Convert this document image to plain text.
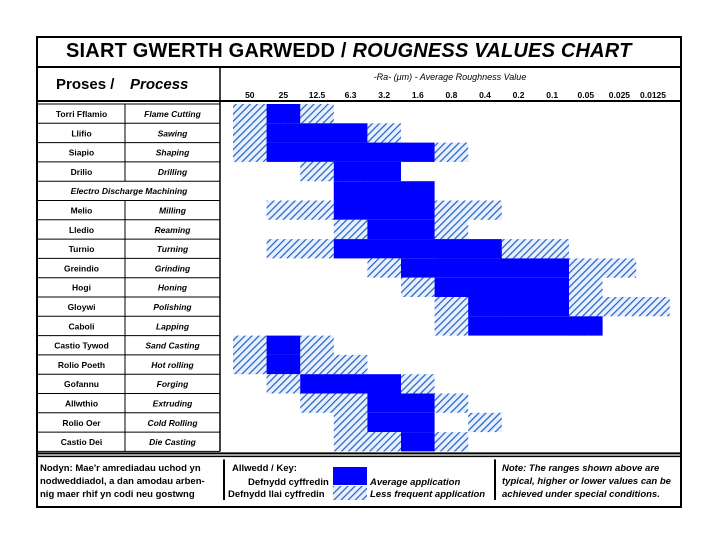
SIART GWERTH GARWEDD / ROUGNESS VALUES CHART
Proses / Process	-Ra- (μm) - Average Roughness Value
50	25 12.5 6.3	3.2	1.6	0.8	0.4	0.2	0.1 0.05 0.025 0.0125
Torri Fflamio	Flame Cutting
Llifio	Sawing
Siapio	Shaping
Drilio	Drilling
Electro Discharge Machining
Melio	Milling
Lledio	Reaming
Turnio	Turning
Greindio	Grinding
Hogi	Honing
Gloywi	Polishing
Caboli	Lapping
Castio Tywod	Sand Casting
Rolio Poeth	Hot rolling
Gofannu	Forging
Allwthio	Extruding
Rolio Oer	Cold Rolling
Castio Dei	Die Casting
Nodyn: Mae'r amrediadau uchod yn
nodweddiadol, a dan amodau arben-
nig maer rhif yn codi neu gostwng
Allwedd / Key:
Defnydd cyffredin
Defnydd llai cyffredin
Average application
Less frequent application
Note: The ranges shown above are
typical, higher or lower values can be
achieved under special conditions.
